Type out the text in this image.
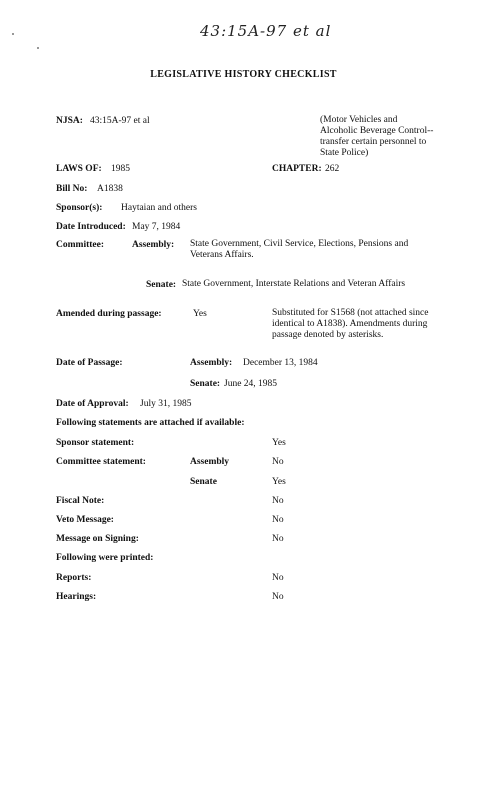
43:15A-97 et al
LEGISLATIVE HISTORY CHECKLIST
NJSA: 43:15A-97 et al	(Motor Vehicles and Alcoholic Beverage Control--transfer certain personnel to State Police)
LAWS OF: 1985	CHAPTER: 262
Bill No: A1838
Sponsor(s): Haytaian and others
Date Introduced: May 7, 1984
Committee:	Assembly: State Government, Civil Service, Elections, Pensions and Veterans Affairs.
Senate: State Government, Interstate Relations and Veteran Affairs
Amended during passage:	Yes	Substituted for S1568 (not attached since identical to A1838). Amendments during passage denoted by asterisks.
Date of Passage:	Assembly: December 13, 1984
Senate: June 24, 1985
Date of Approval: July 31, 1985
Following statements are attached if available:
Sponsor statement:	Yes
Committee statement:	Assembly	No
Senate	Yes
Fiscal Note:	No
Veto Message:	No
Message on Signing:	No
Following were printed:
Reports:	No
Hearings:	No
